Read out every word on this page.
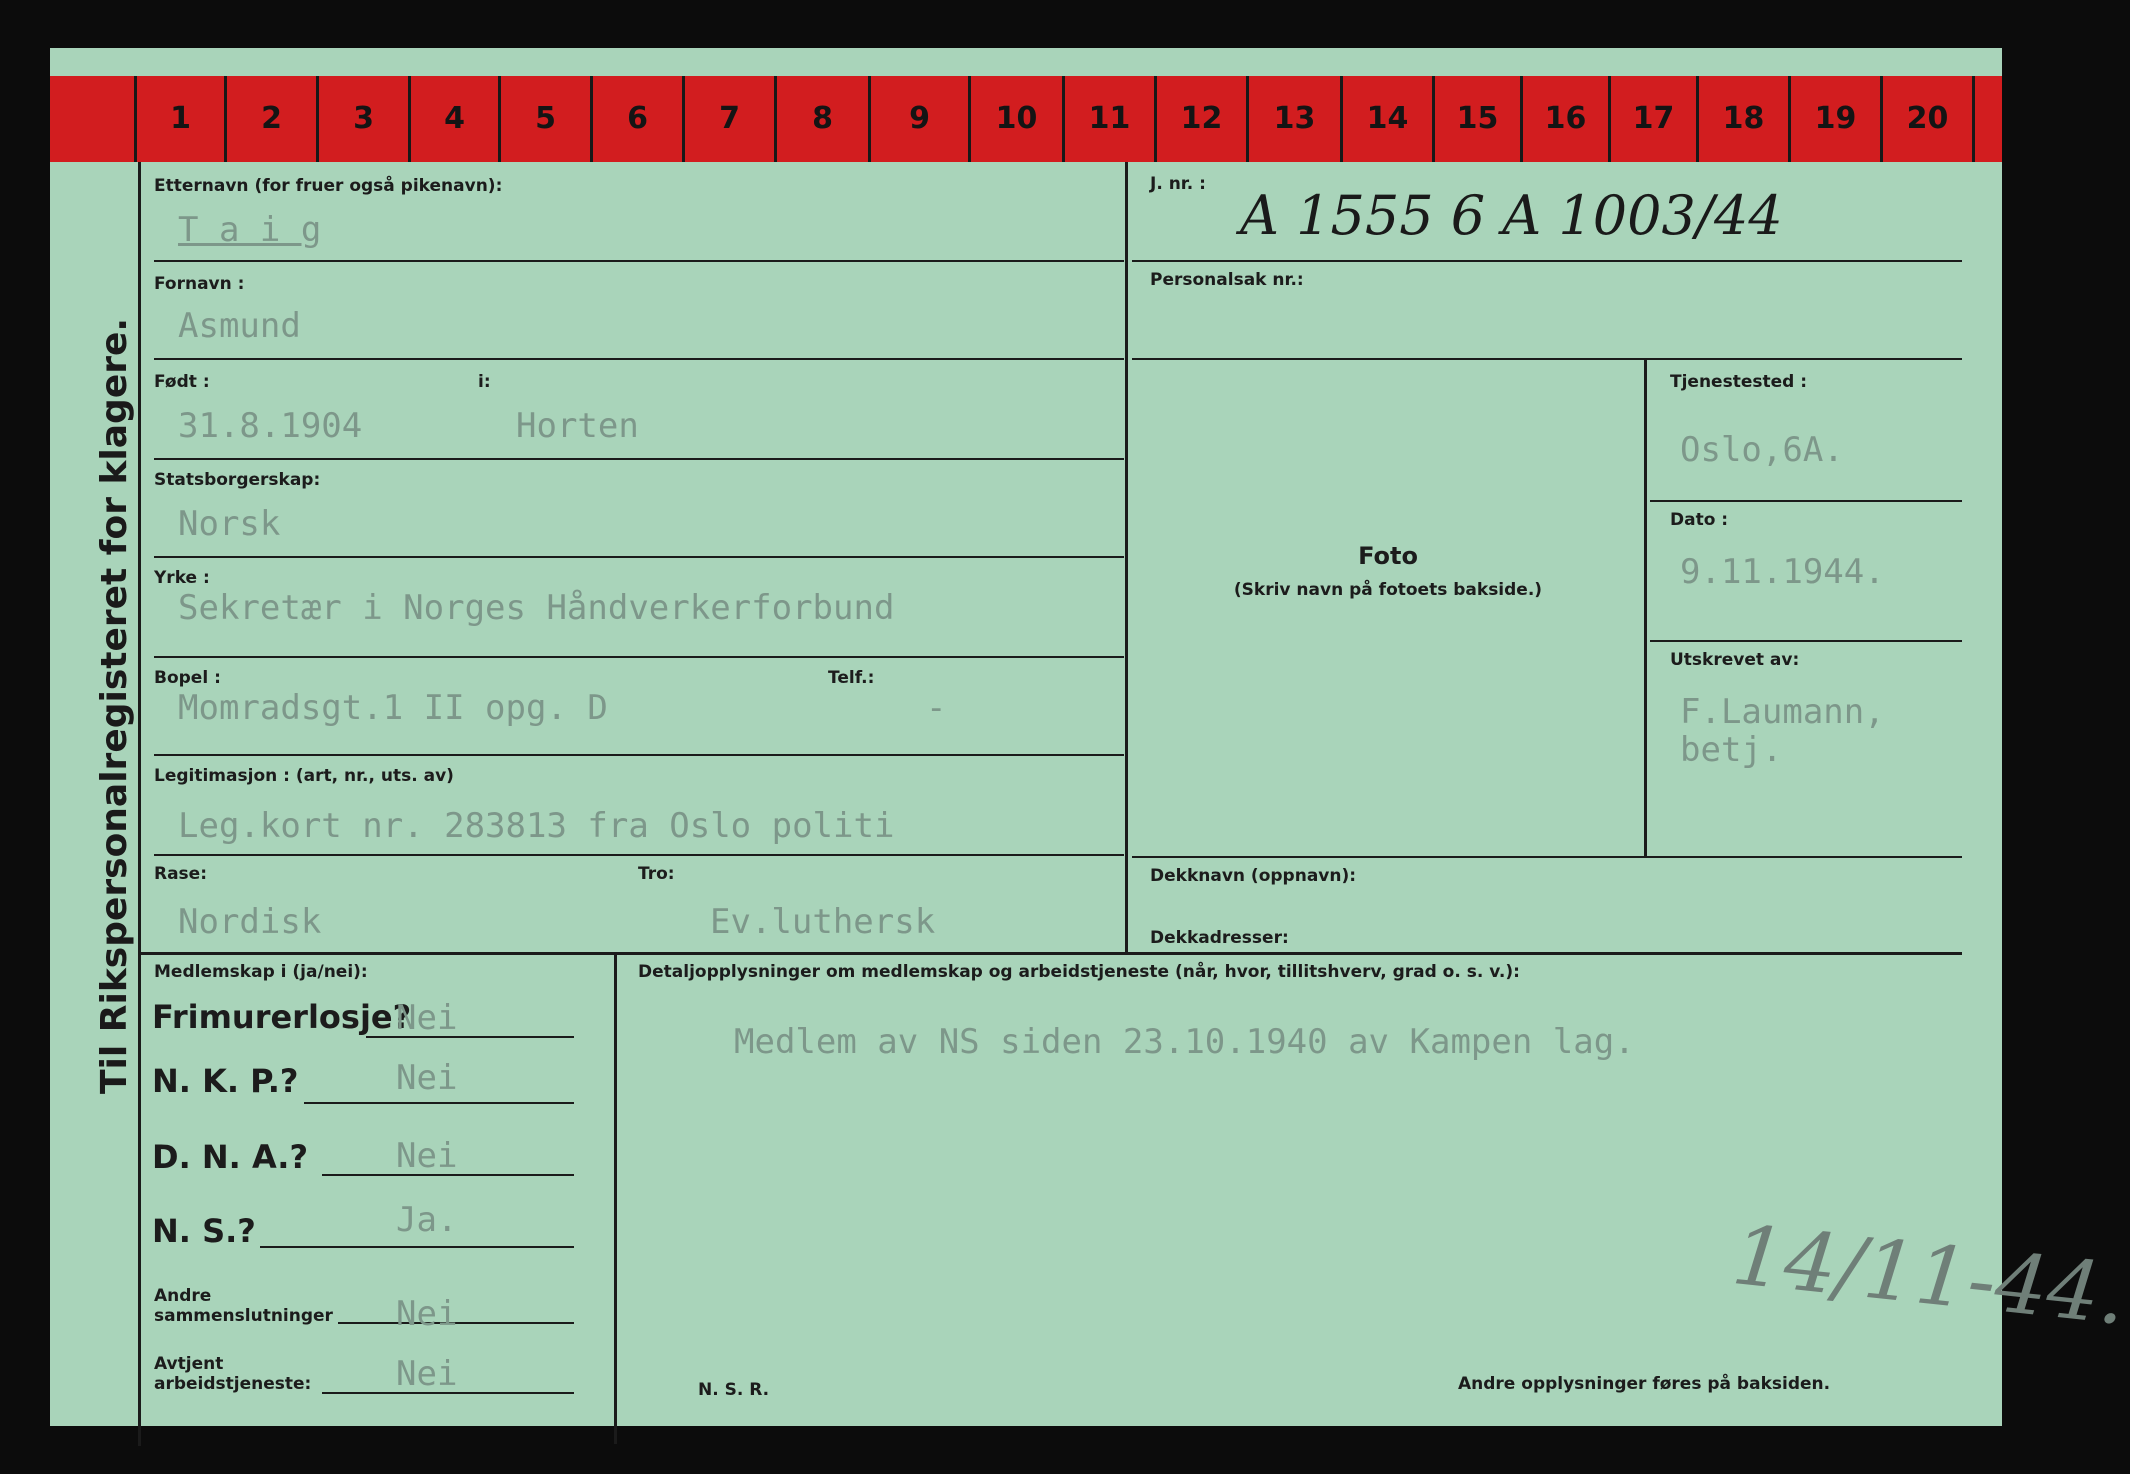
1	2	3	4	5	6	7	8	9	10	11	12	13	14	15	16	17	18	19	20
Til Rikspersonalregisteret for klagere.
Etternavn (for fruer også pikenavn):
T a i g
Fornavn :
Asmund
Født :	i:
31.8.1904	Horten
Statsborgerskap:
Norsk
Yrke :
Sekretær i Norges Håndverkerforbund
Bopel :	Telf.:
Momradsgt.1 II opg. D	-
Legitimasjon : (art, nr., uts. av)
Leg.kort nr. 283813 fra Oslo politi
Rase:	Tro:
Nordisk	Ev.luthersk
J. nr. : A 1555 6 A 1003/44
Personalsak nr.:
Foto
(Skriv navn på fotoets bakside.)
Tjenestested :
Oslo,6A.
Dato :
9.11.1944.
Utskrevet av:
F.Laumann,
betj.
Dekknavn (oppnavn):
Dekkadresser:
Medlemskap i (ja/nei):
Frimurerlosje?
Nei
N. K. P.?	Nei
D. N. A.?	Nei
N. S.?	Ja.
Andre
sammenslutninger Nei
Avtjent
arbeidstjeneste: Nei
Detaljopplysninger om medlemskap og arbeidstjeneste (når, hvor, tillitshverv, grad o. s. v.):
Medlem av NS siden 23.10.1940 av Kampen lag.
14/11-44.
N. S. R.	Andre opplysninger føres på baksiden.
